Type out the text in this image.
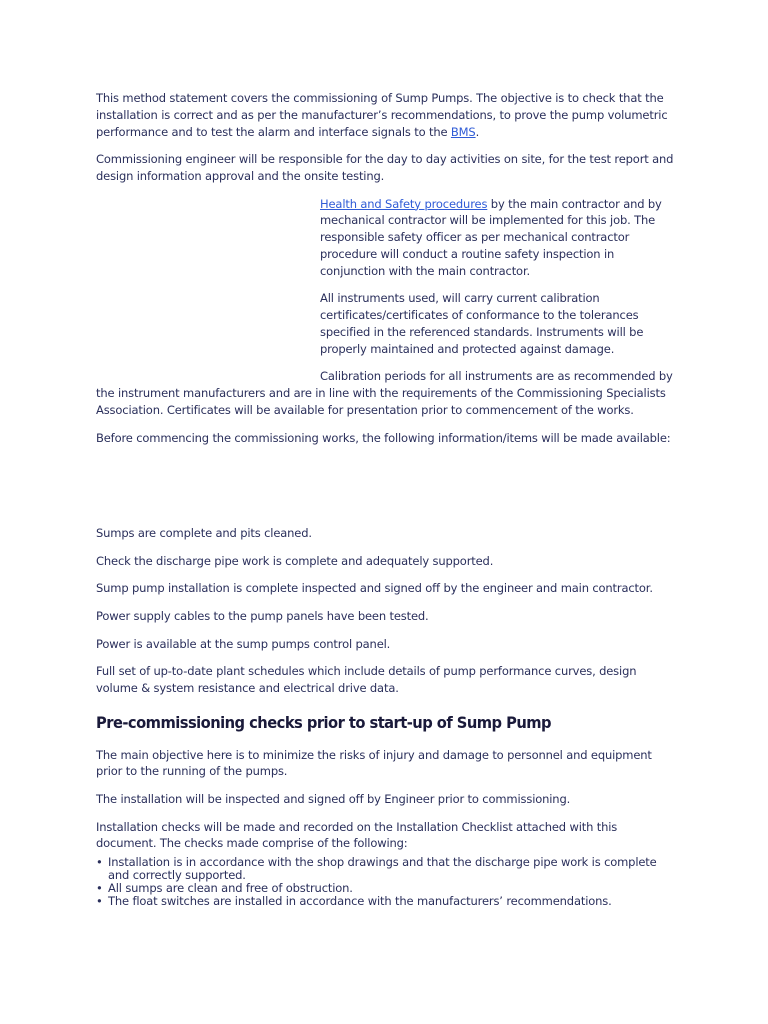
This method statement covers the commissioning of Sump Pumps. The objective is to check that the installation is correct and as per the manufacturer’s recommendations, to prove the pump volumetric performance and to test the alarm and interface signals to the BMS.

Commissioning engineer will be responsible for the day to day activities on site, for the test report and design information approval and the onsite testing.

Health and Safety procedures by the main contractor and by mechanical contractor will be implemented for this job. The responsible safety officer as per mechanical contractor procedure will conduct a routine safety inspection in conjunction with the main contractor.

All instruments used, will carry current calibration certificates/certificates of conformance to the tolerances specified in the referenced standards. Instruments will be properly maintained and protected against damage.

Calibration periods for all instruments are as recommended by the instrument manufacturers and are in line with the requirements of the Commissioning Specialists Association. Certificates will be available for presentation prior to commencement of the works.

Before commencing the commissioning works, the following information/items will be made available:

Sumps are complete and pits cleaned.

Check the discharge pipe work is complete and adequately supported.

Sump pump installation is complete inspected and signed off by the engineer and main contractor.

Power supply cables to the pump panels have been tested.

Power is available at the sump pumps control panel.

Full set of up-to-date plant schedules which include details of pump performance curves, design volume & system resistance and electrical drive data.

Pre-commissioning checks prior to start-up of Sump Pump

The main objective here is to minimize the risks of injury and damage to personnel and equipment prior to the running of the pumps.

The installation will be inspected and signed off by Engineer prior to commissioning.

Installation checks will be made and recorded on the Installation Checklist attached with this document. The checks made comprise of the following:

• Installation is in accordance with the shop drawings and that the discharge pipe work is complete and correctly supported.
• All sumps are clean and free of obstruction.
• The float switches are installed in accordance with the manufacturers’ recommendations.
